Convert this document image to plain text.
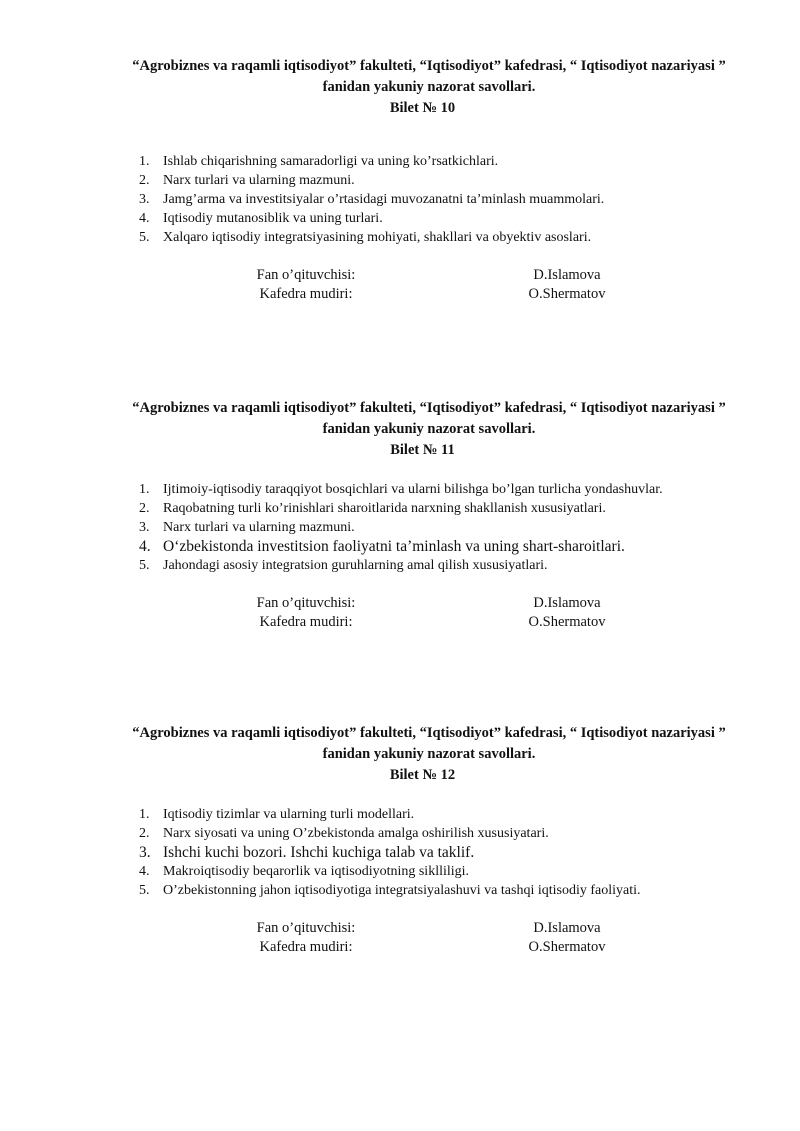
“Agrobiznes va raqamli iqtisodiyot” fakulteti, “Iqtisodiyot” kafedrasi, “ Iqtisodiyot nazariyasi ” fanidan yakuniy nazorat savollari.
Bilet № 10
1. Ishlab chiqarishning samaradorligi va uning ko’rsatkichlari.
2. Narx turlari va ularning mazmuni.
3. Jamg’arma va investitsiyalar o’rtasidagi muvozanatni ta’minlash muammolari.
4. Iqtisodiy mutanosiblik va uning turlari.
5. Xalqaro iqtisodiy integratsiyasining mohiyati, shakllari va obyektiv asoslari.
Fan o’qituvchisi:	D.Islamova
Kafedra mudiri:	O.Shermatov
“Agrobiznes va raqamli iqtisodiyot” fakulteti, “Iqtisodiyot” kafedrasi, “ Iqtisodiyot nazariyasi ” fanidan yakuniy nazorat savollari.
Bilet № 11
1. Ijtimoiy-iqtisodiy taraqqiyot bosqichlari va ularni bilishga bo’lgan turlicha yondashuvlar.
2. Raqobatning turli ko’rinishlari sharoitlarida narxning shakllanish xususiyatlari.
3. Narx turlari va ularning mazmuni.
4. O‘zbekistonda investitsion faoliyatni ta’minlash va uning shart-sharoitlari.
5. Jahondagi asosiy integratsion guruhlarning amal qilish xususiyatlari.
Fan o’qituvchisi:	D.Islamova
Kafedra mudiri:	O.Shermatov
“Agrobiznes va raqamli iqtisodiyot” fakulteti, “Iqtisodiyot” kafedrasi, “ Iqtisodiyot nazariyasi ” fanidan yakuniy nazorat savollari.
Bilet № 12
1. Iqtisodiy tizimlar va ularning turli modellari.
2. Narx siyosati va uning O’zbekistonda amalga oshirilish xususiyatari.
3. Ishchi kuchi bozori. Ishchi kuchiga talab va taklif.
4. Makroiqtisodiy beqarorlik va iqtisodiyotning siklliligi.
5. O’zbekistonning jahon iqtisodiyotiga integratsiyalashuvi va tashqi iqtisodiy faoliyati.
Fan o’qituvchisi:	D.Islamova
Kafedra mudiri:	O.Shermatov
